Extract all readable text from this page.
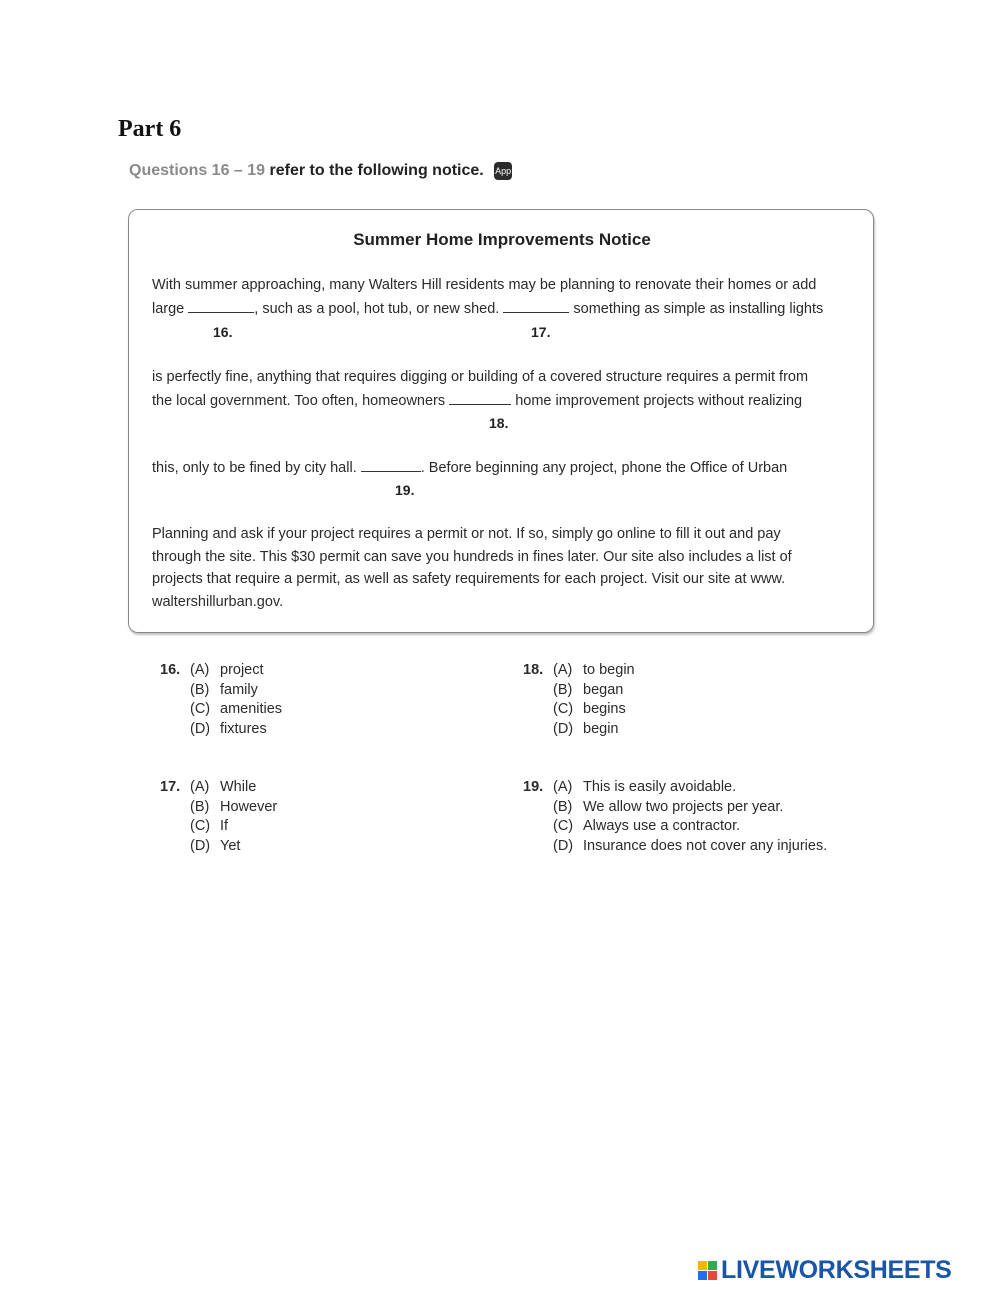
Part 6
Questions 16 – 19 refer to the following notice. App
Summer Home Improvements Notice
With summer approaching, many Walters Hill residents may be planning to renovate their homes or add
large	, such as a pool, hot tub, or new shed.	something as simple as installing lights
16.	17.
is perfectly fine, anything that requires digging or building of a covered structure requires a permit from
the local government. Too often, homeowners	home improvement projects without realizing
18.
this, only to be fined by city hall.	. Before beginning any project, phone the Office of Urban
19.
Planning and ask if your project requires a permit or not. If so, simply go online to fill it out and pay
through the site. This $30 permit can save you hundreds in fines later. Our site also includes a list of
projects that require a permit, as well as safety requirements for each project. Visit our site at www.
waltershillurban.gov.
16. (A) project
(B) family
(C) amenities
(D) fixtures
18. (A) to begin
(B) began
(C) begins
(D) begin
17. (A) While
(B) However
(C) If
(D) Yet
19. (A) This is easily avoidable.
(B) We allow two projects per year.
(C) Always use a contractor.
(D) Insurance does not cover any injuries.
LIVEWORKSHEETS
